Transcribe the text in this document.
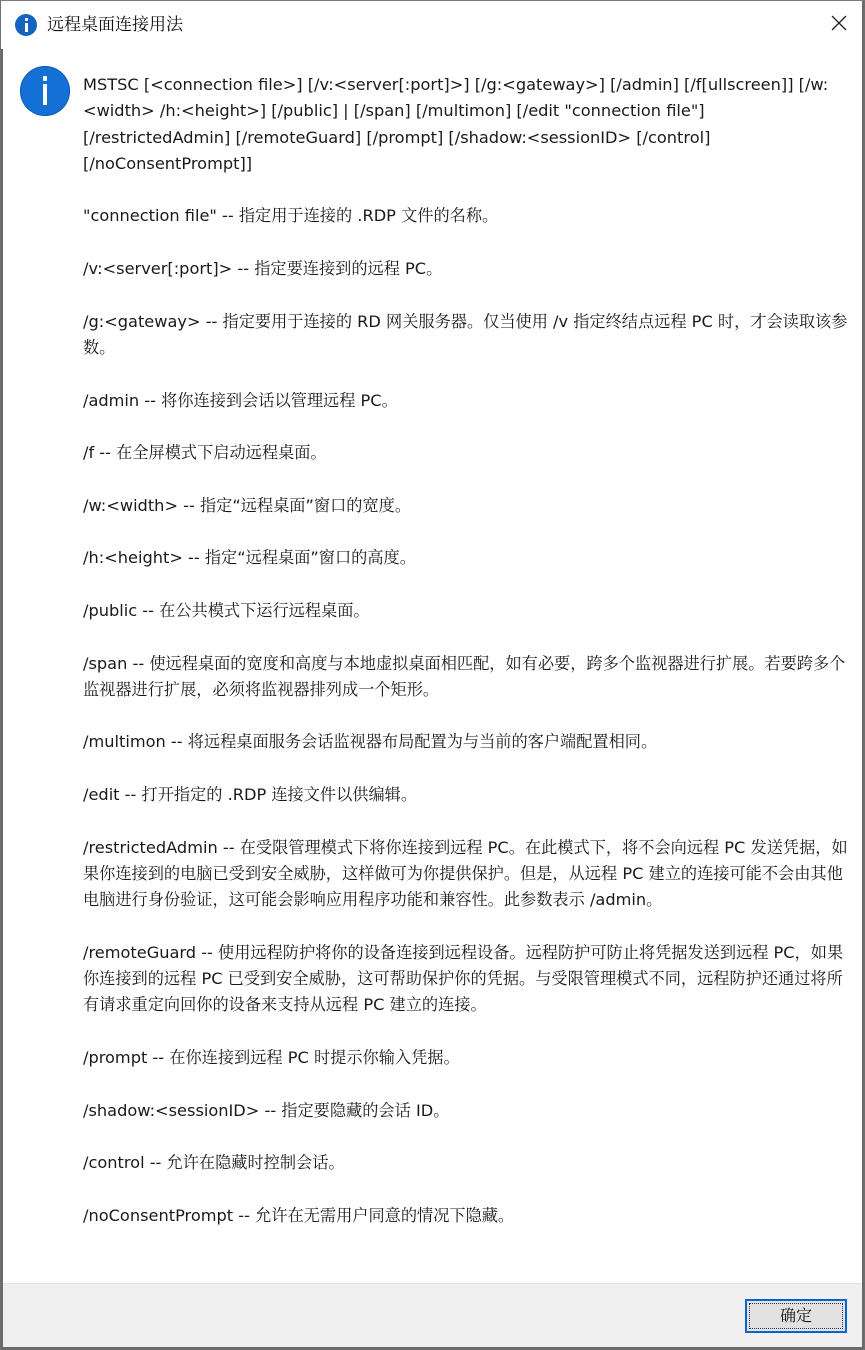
远程桌面连接用法

MSTSC [<connection file>] [/v:<server[:port]>] [/g:<gateway>] [/admin] [/f[ullscreen]] [/w:<width> /h:<height>] [/public] | [/span] [/multimon] [/edit "connection file"] [/restrictedAdmin] [/remoteGuard] [/prompt] [/shadow:<sessionID> [/control] [/noConsentPrompt]]

"connection file" -- 指定用于连接的 .RDP 文件的名称。

/v:<server[:port]> -- 指定要连接到的远程 PC。

/g:<gateway> -- 指定要用于连接的 RD 网关服务器。仅当使用 /v 指定终结点远程 PC 时，才会读取该参数。

/admin -- 将你连接到会话以管理远程 PC。

/f -- 在全屏模式下启动远程桌面。

/w:<width> -- 指定“远程桌面”窗口的宽度。

/h:<height> -- 指定“远程桌面”窗口的高度。

/public -- 在公共模式下运行远程桌面。

/span -- 使远程桌面的宽度和高度与本地虚拟桌面相匹配，如有必要，跨多个监视器进行扩展。若要跨多个监视器进行扩展，必须将监视器排列成一个矩形。

/multimon -- 将远程桌面服务会话监视器布局配置为与当前的客户端配置相同。

/edit -- 打开指定的 .RDP 连接文件以供编辑。

/restrictedAdmin -- 在受限管理模式下将你连接到远程 PC。在此模式下，将不会向远程 PC 发送凭据，如果你连接到的电脑已受到安全威胁，这样做可为你提供保护。但是，从远程 PC 建立的连接可能不会由其他电脑进行身份验证，这可能会影响应用程序功能和兼容性。此参数表示 /admin。

/remoteGuard -- 使用远程防护将你的设备连接到远程设备。远程防护可防止将凭据发送到远程 PC，如果你连接到的远程 PC 已受到安全威胁，这可帮助保护你的凭据。与受限管理模式不同，远程防护还通过将所有请求重定向回你的设备来支持从远程 PC 建立的连接。

/prompt -- 在你连接到远程 PC 时提示你输入凭据。

/shadow:<sessionID> -- 指定要隐藏的会话 ID。

/control -- 允许在隐藏时控制会话。

/noConsentPrompt -- 允许在无需用户同意的情况下隐藏。

确定
